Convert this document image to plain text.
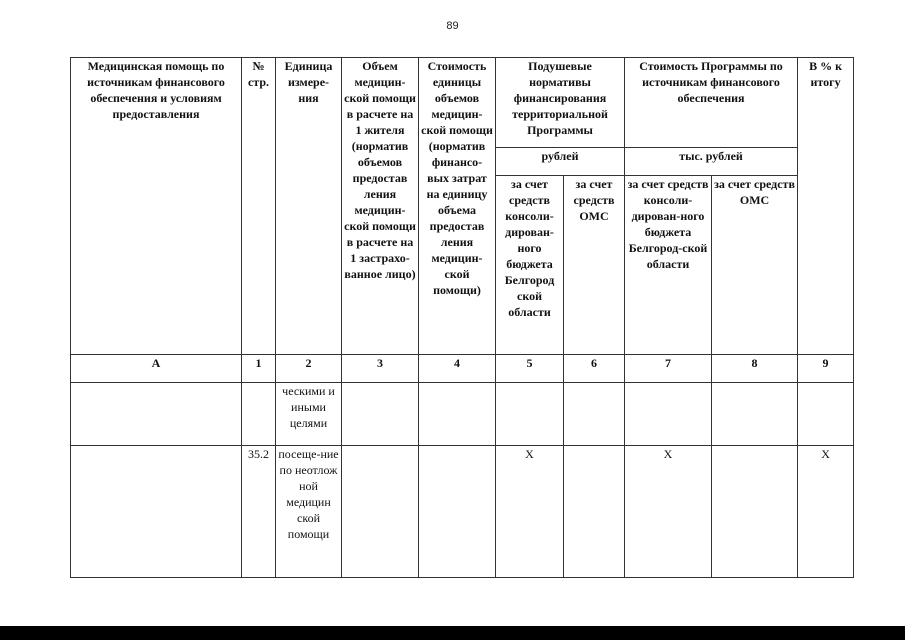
89
Медицинская помощь по источникам финансового обеспечения и условиям предоставления	№ стр.	Единица измере-ния	Объем медицин-ской помощи в расчете на 1 жителя (норматив объемов предостав ления медицин-ской помощи в расчете на 1 застрахо-ванное лицо)	Стоимость единицы объемов медицин-ской помощи (норматив финансо-вых затрат на единицу объема предостав ления медицин-ской помощи)	Подушевые нормативы финансирования территориальной Программы		Стоимость Программы по источникам финансового обеспечения		В % к итогу
					рублей		тыс. рублей		
					за счет средств консоли-дирован-ного бюджета Белгород ской области	за счет средств ОМС	за счет средств консоли-дирован-ного бюджета Белгород-ской области	за счет средств ОМС	
А	1	2	3	4	5	6	7	8	9
		ческими и иными целями							
	35.2	посеще-ние по неотлож ной медицин ской помощи			X		X		X
